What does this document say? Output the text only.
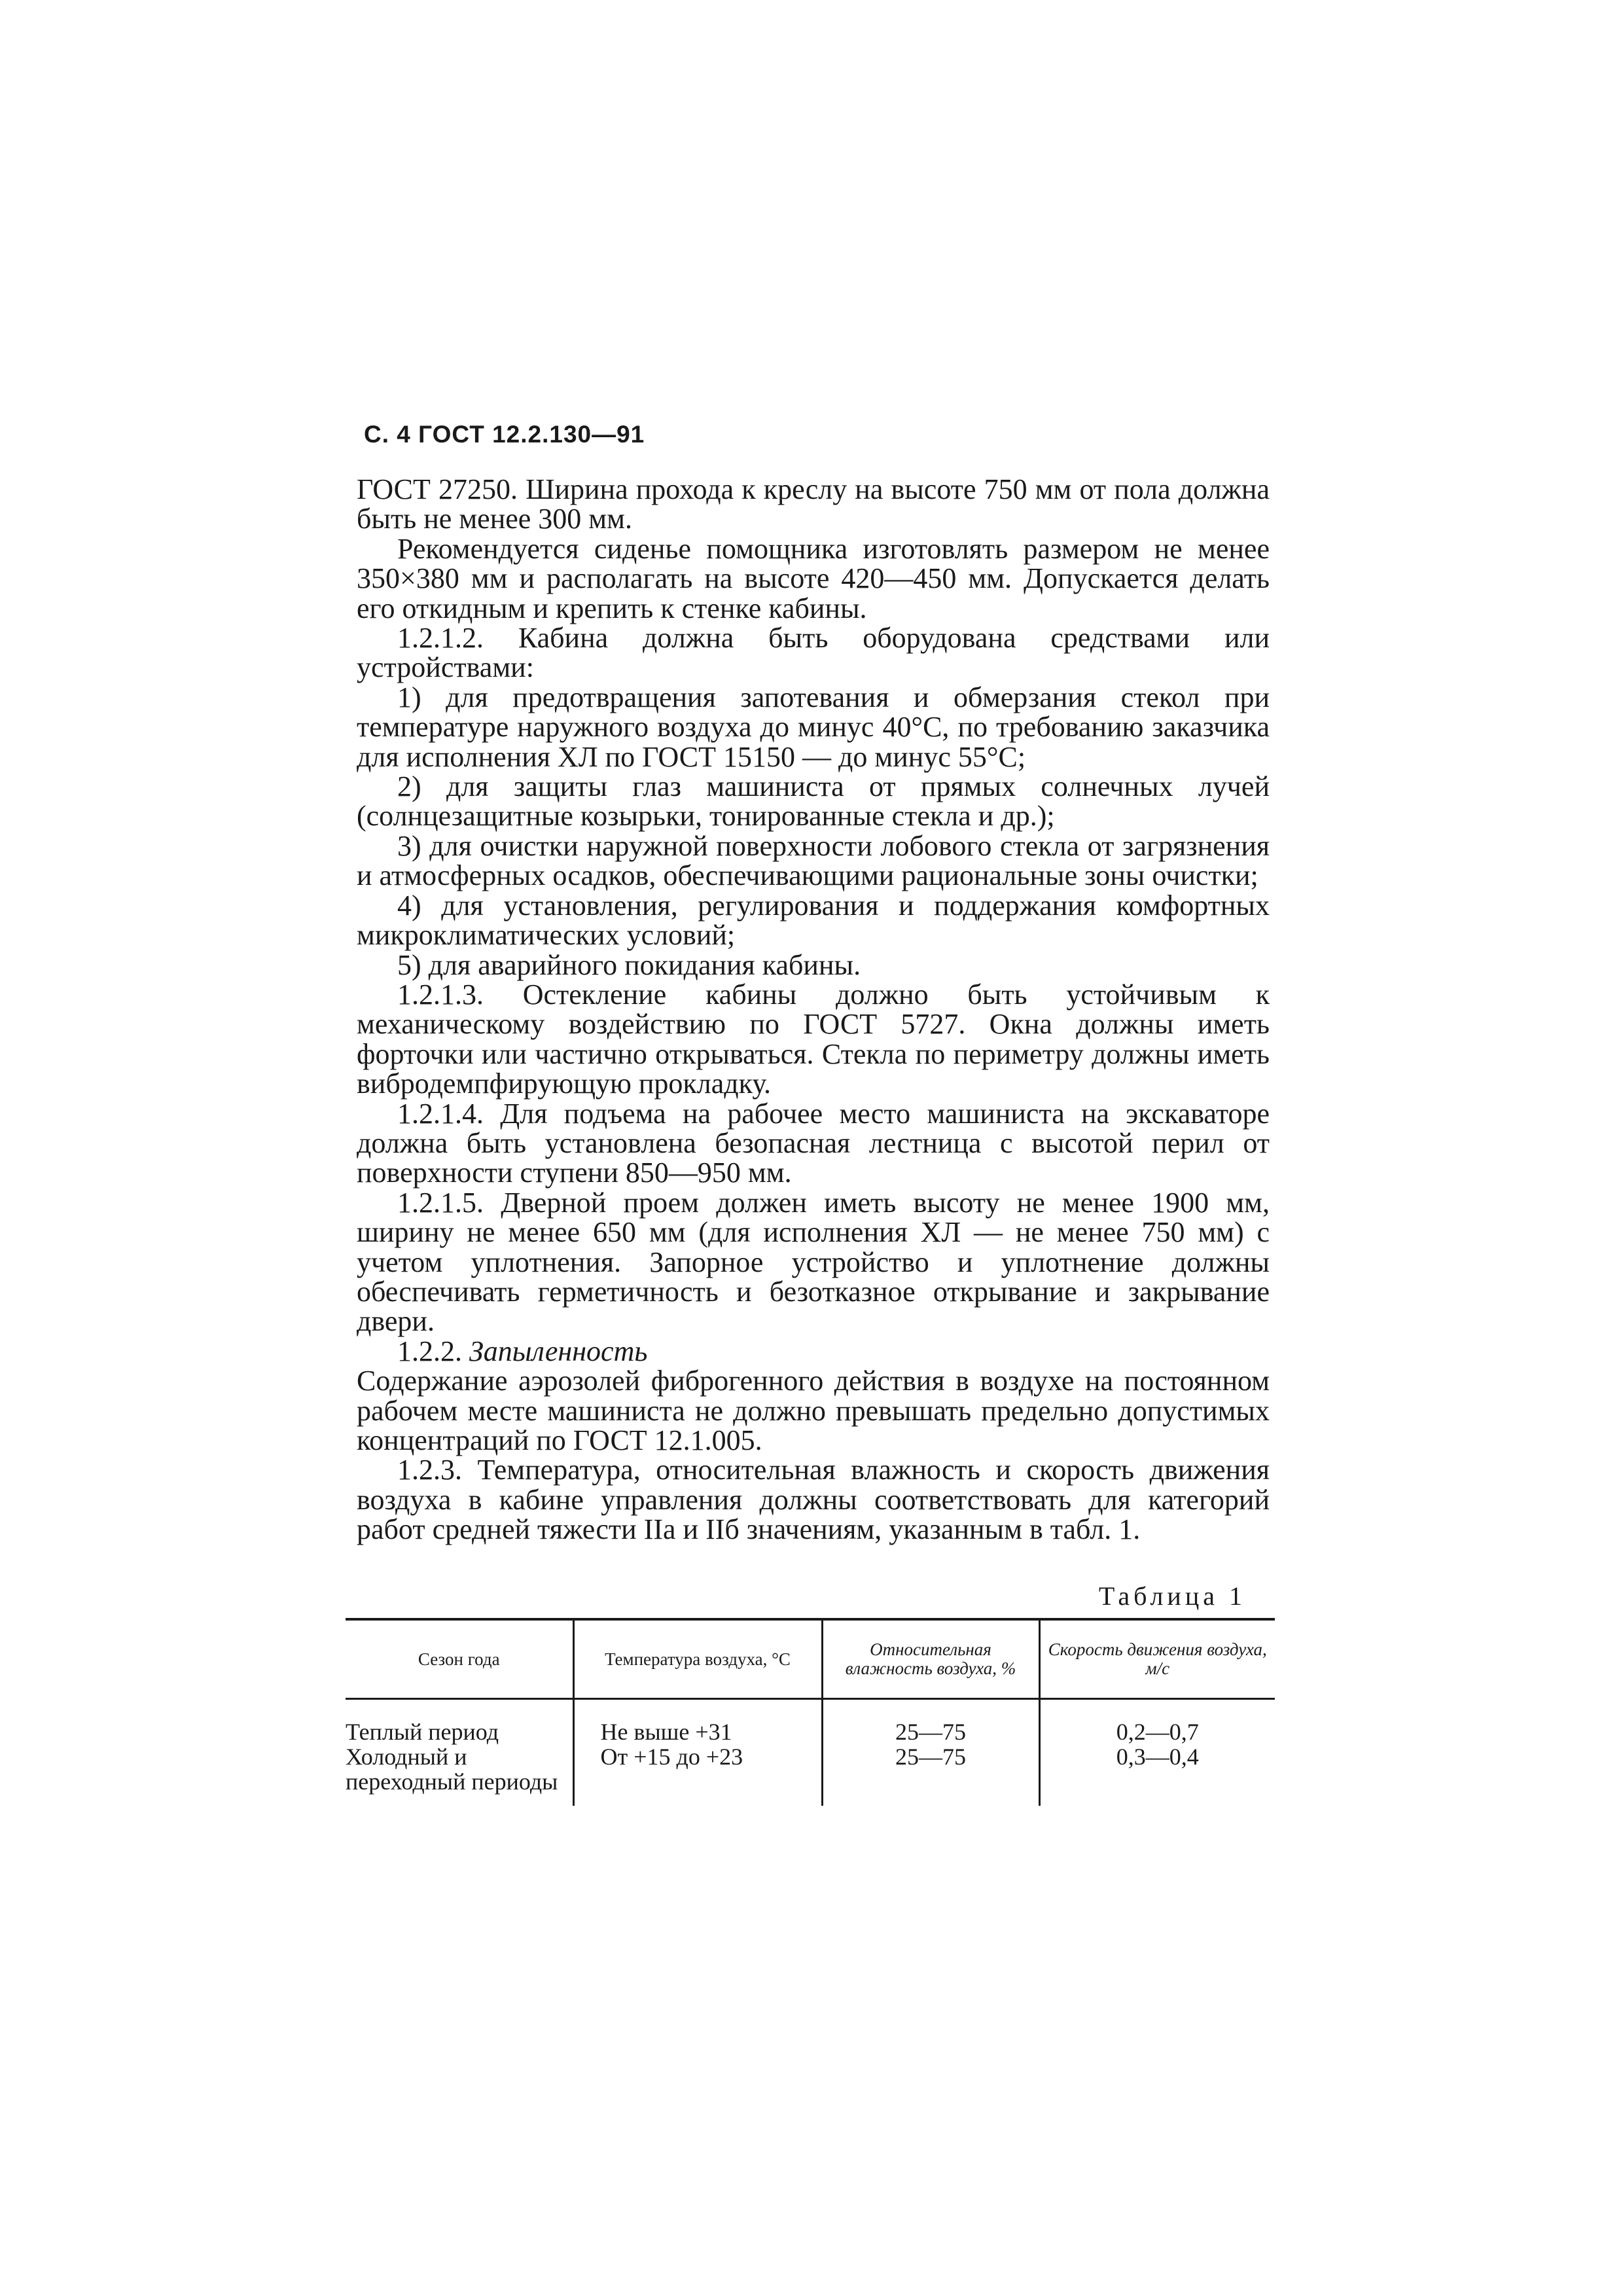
С. 4 ГОСТ 12.2.130—91

ГОСТ 27250. Ширина прохода к креслу на высоте 750 мм от пола должна быть не менее 300 мм.

Рекомендуется сиденье помощника изготовлять размером не менее 350×380 мм и располагать на высоте 420—450 мм. Допускается делать его откидным и крепить к стенке кабины.

1.2.1.2. Кабина должна быть оборудована средствами или устройствами:

1) для предотвращения запотевания и обмерзания стекол при температуре наружного воздуха до минус 40°С, по требованию заказчика для исполнения ХЛ по ГОСТ 15150 — до минус 55°С;

2) для защиты глаз машиниста от прямых солнечных лучей (солнцезащитные козырьки, тонированные стекла и др.);

3) для очистки наружной поверхности лобового стекла от загрязнения и атмосферных осадков, обеспечивающими рациональные зоны очистки;

4) для установления, регулирования и поддержания комфортных микроклиматических условий;

5) для аварийного покидания кабины.

1.2.1.3. Остекление кабины должно быть устойчивым к механическому воздействию по ГОСТ 5727. Окна должны иметь форточки или частично открываться. Стекла по периметру должны иметь вибродемпфирующую прокладку.

1.2.1.4. Для подъема на рабочее место машиниста на экскаваторе должна быть установлена безопасная лестница с высотой перил от поверхности ступени 850—950 мм.

1.2.1.5. Дверной проем должен иметь высоту не менее 1900 мм, ширину не менее 650 мм (для исполнения ХЛ — не менее 750 мм) с учетом уплотнения. Запорное устройство и уплотнение должны обеспечивать герметичность и безотказное открывание и закрывание двери.

1.2.2. Запыленность

Содержание аэрозолей фиброгенного действия в воздухе на постоянном рабочем месте машиниста не должно превышать предельно допустимых концентраций по ГОСТ 12.1.005.

1.2.3. Температура, относительная влажность и скорость движения воздуха в кабине управления должны соответствовать для категорий работ средней тяжести IIа и IIб значениям, указанным в табл. 1.

Таблица 1
Сезон года	Температура воздуха, °С	Относительная влажность воздуха, %	Скорость движения воздуха, м/с
Теплый период	Не выше +31	25—75	0,2—0,7
Холодный и переходный периоды	От +15 до +23	25—75	0,3—0,4
